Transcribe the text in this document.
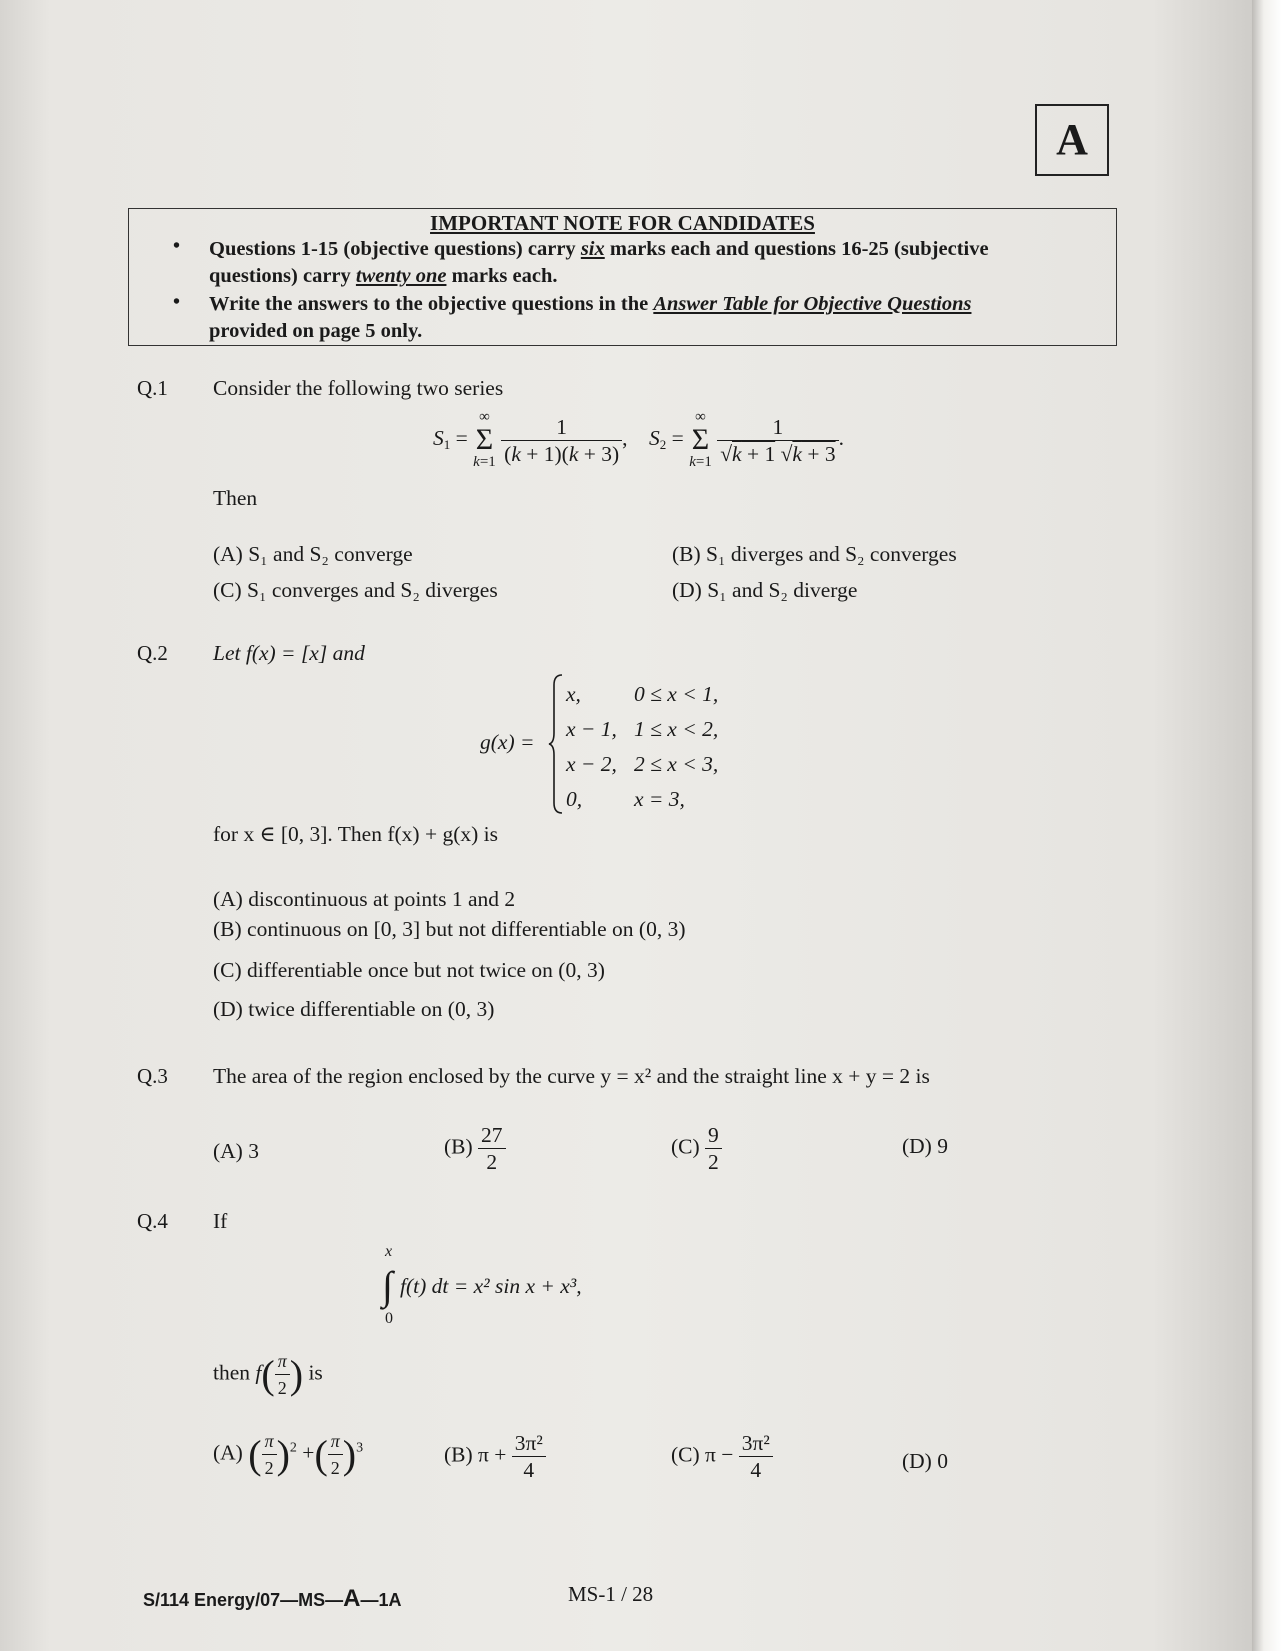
A
IMPORTANT NOTE FOR CANDIDATES
• Questions 1-15 (objective questions) carry six marks each and questions 16-25 (subjective
questions) carry twenty one marks each.
• Write the answers to the objective questions in the Answer Table for Objective Questions
provided on page 5 only.
Q.1 Consider the following two series
$S_1$ =
∞
Σ
k=1
$\frac{1}{(k + 1)(k + 3)}$ ,    $S_2$ =
∞
Σ
k=1
$\frac{1}{√k + 1 √k + 3}$ .
Then
(A) S₁ and S₂ converge	(B) S₁ diverges and S₂ converges
(C) S₁ converges and S₂ diverges	(D) S₁ and S₂ diverge
Q.2 Let f(x) = [x] and
g(x) =
x, 0 ≤ x < 1,
x − 1, 1 ≤ x < 2,
x − 2, 2 ≤ x < 3,
0, x = 3,
for x ∈ [0, 3]. Then f(x) + g(x) is
(A) discontinuous at points 1 and 2
(B) continuous on [0, 3] but not differentiable on (0, 3)
(C) differentiable once but not twice on (0, 3)
(D) twice differentiable on (0, 3)
Q.3 The area of the region enclosed by the curve y = x² and the straight line x + y = 2 is
(A) 3	$(B) \frac{27}{2}$	$(C) \frac{9}{2}$	(D) 9
Q.4 If
x
∫ f(t) dt = x² sin x + x³,
0
then $f( \frac{\pi}{2}$ ) is
(A) ( $\frac{\pi}{2} )^2$ +( $\frac{\pi}{2} )^3$	(B) $\pi + \frac{\text{3π²}}{4}$	(C) $\pi - \frac{\text{3π²}}{4}$	(D) 0
S/114 Energy/07—MS—A—1A	MS-1 / 28
